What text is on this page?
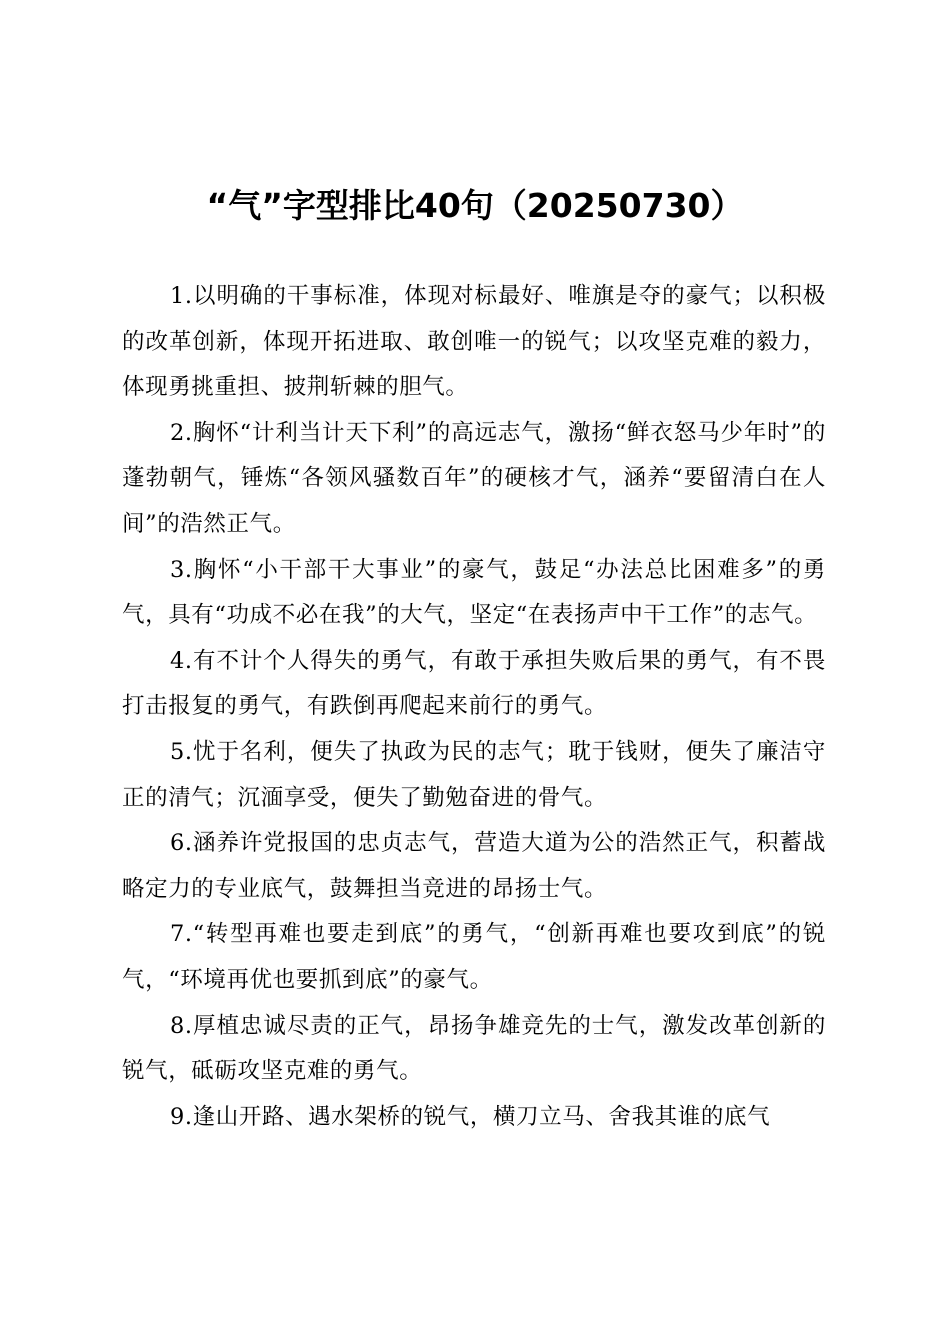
“气”字型排比40句（20250730）

1.以明确的干事标准，体现对标最好、唯旗是夺的豪气；以积极的改革创新，体现开拓进取、敢创唯一的锐气；以攻坚克难的毅力，体现勇挑重担、披荆斩棘的胆气。

2.胸怀“计利当计天下利”的高远志气，激扬“鲜衣怒马少年时”的蓬勃朝气，锤炼“各领风骚数百年”的硬核才气，涵养“要留清白在人间”的浩然正气。

3.胸怀“小干部干大事业”的豪气，鼓足“办法总比困难多”的勇气，具有“功成不必在我”的大气，坚定“在表扬声中干工作”的志气。

4.有不计个人得失的勇气，有敢于承担失败后果的勇气，有不畏打击报复的勇气，有跌倒再爬起来前行的勇气。

5.忧于名利，便失了执政为民的志气；耽于钱财，便失了廉洁守正的清气；沉湎享受，便失了勤勉奋进的骨气。

6.涵养许党报国的忠贞志气，营造大道为公的浩然正气，积蓄战略定力的专业底气，鼓舞担当竞进的昂扬士气。

7.“转型再难也要走到底”的勇气，“创新再难也要攻到底”的锐气，“环境再优也要抓到底”的豪气。

8.厚植忠诚尽责的正气，昂扬争雄竞先的士气，激发改革创新的锐气，砥砺攻坚克难的勇气。

9.逢山开路、遇水架桥的锐气，横刀立马、舍我其谁的底气
